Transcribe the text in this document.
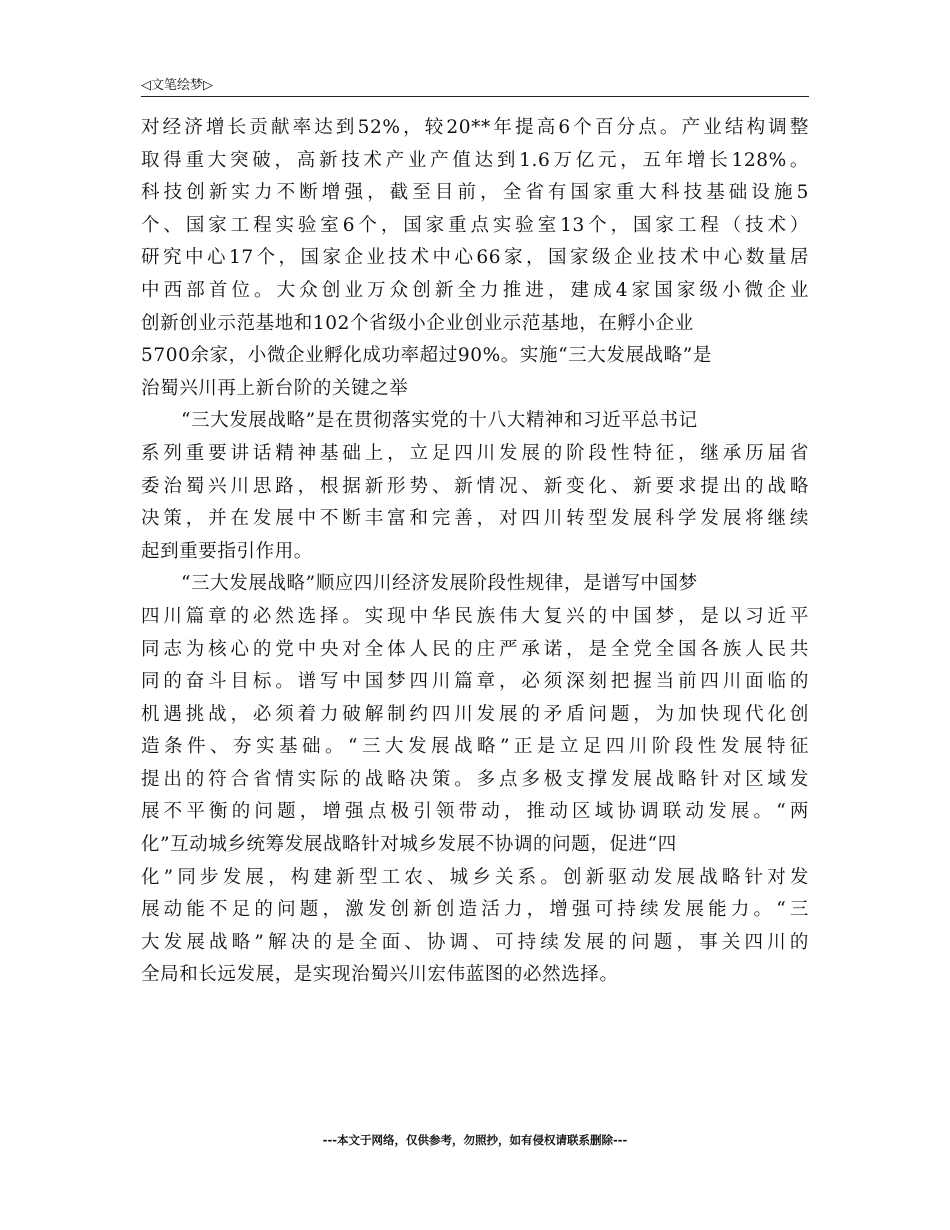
◁文笔绘梦▷
对经济增长贡献率达到52%，较20**年提高6个百分点。产业结构调整
取得重大突破，高新技术产业产值达到1.6万亿元，五年增长128%。
科技创新实力不断增强，截至目前，全省有国家重大科技基础设施5
个、国家工程实验室6个，国家重点实验室13个，国家工程（技术）
研究中心17个，国家企业技术中心66家，国家级企业技术中心数量居
中西部首位。大众创业万众创新全力推进，建成4家国家级小微企业
创新创业示范基地和102个省级小企业创业示范基地，在孵小企业
5700余家，小微企业孵化成功率超过90%。实施“三大发展战略”是
治蜀兴川再上新台阶的关键之举
“三大发展战略”是在贯彻落实党的十八大精神和习近平总书记
系列重要讲话精神基础上，立足四川发展的阶段性特征，继承历届省
委治蜀兴川思路，根据新形势、新情况、新变化、新要求提出的战略
决策，并在发展中不断丰富和完善，对四川转型发展科学发展将继续
起到重要指引作用。
“三大发展战略”顺应四川经济发展阶段性规律，是谱写中国梦
四川篇章的必然选择。实现中华民族伟大复兴的中国梦，是以习近平
同志为核心的党中央对全体人民的庄严承诺，是全党全国各族人民共
同的奋斗目标。谱写中国梦四川篇章，必须深刻把握当前四川面临的
机遇挑战，必须着力破解制约四川发展的矛盾问题，为加快现代化创
造条件、夯实基础。“三大发展战略”正是立足四川阶段性发展特征
提出的符合省情实际的战略决策。多点多极支撑发展战略针对区域发
展不平衡的问题，增强点极引领带动，推动区域协调联动发展。“两
化”互动城乡统筹发展战略针对城乡发展不协调的问题，促进“四
化”同步发展，构建新型工农、城乡关系。创新驱动发展战略针对发
展动能不足的问题，激发创新创造活力，增强可持续发展能力。“三
大发展战略”解决的是全面、协调、可持续发展的问题，事关四川的
全局和长远发展，是实现治蜀兴川宏伟蓝图的必然选择。
---本文于网络，仅供参考，勿照抄，如有侵权请联系删除---
